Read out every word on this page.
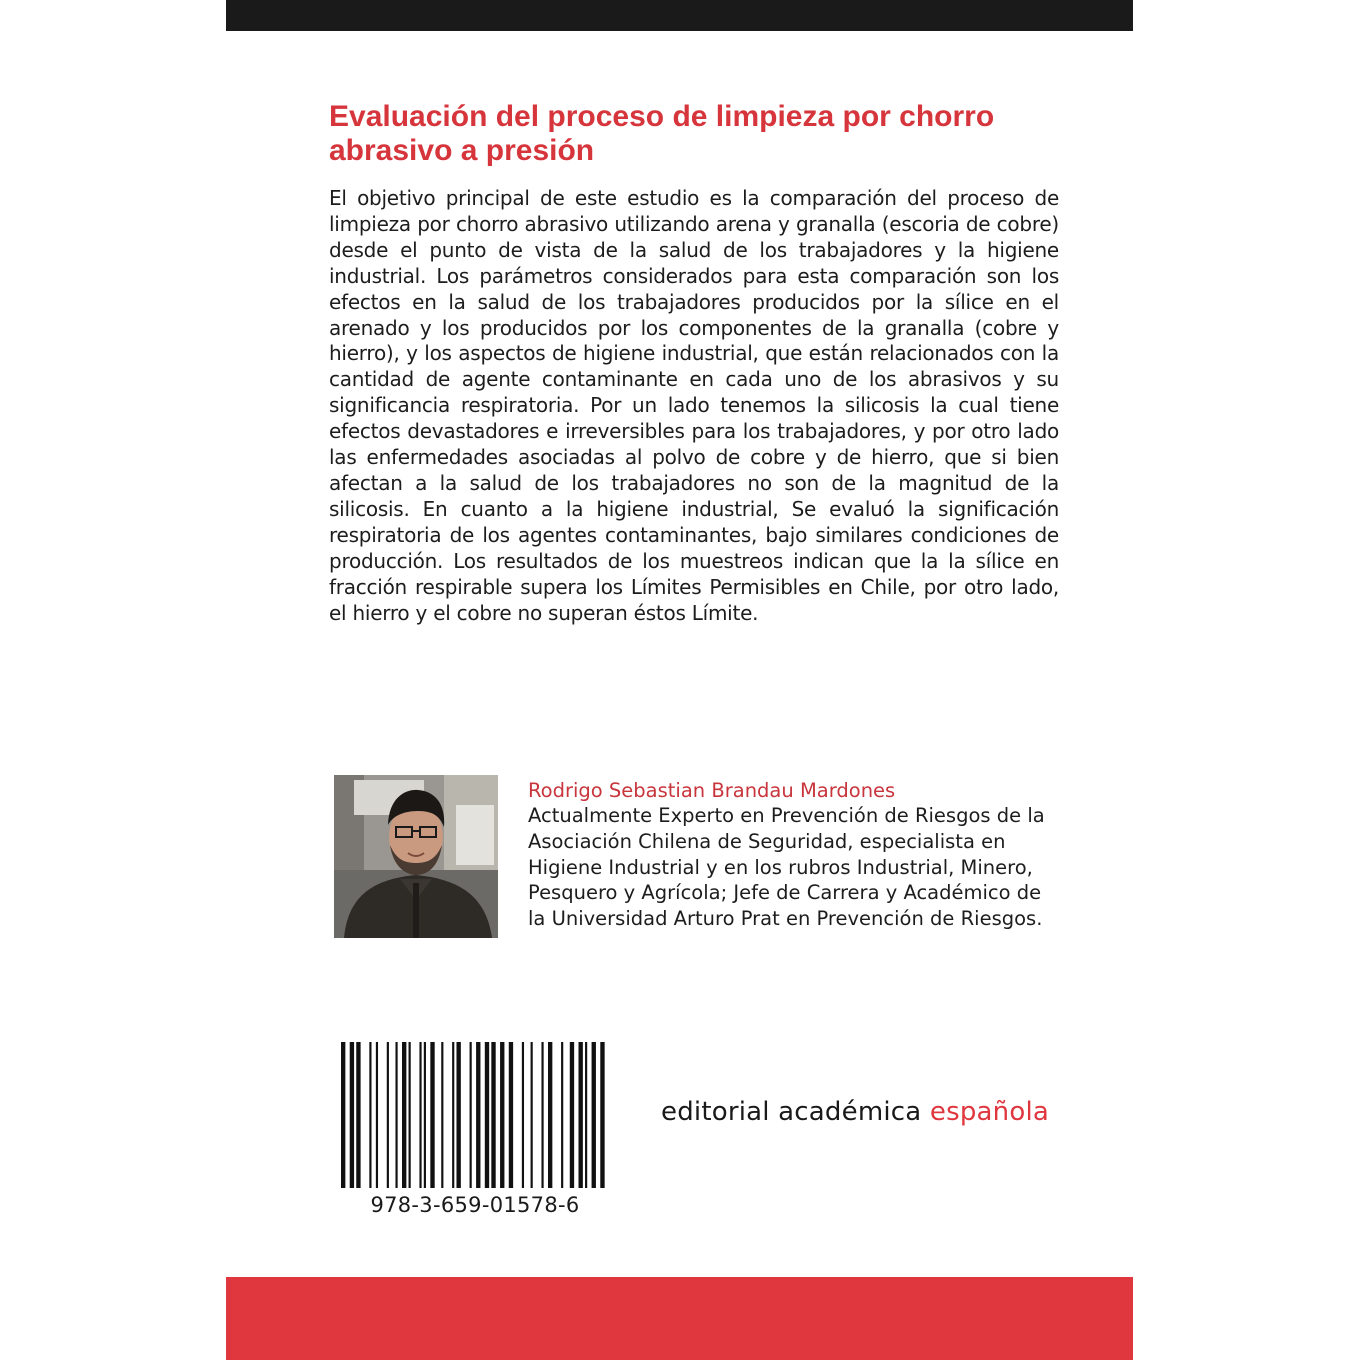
Evaluación del proceso de limpieza por chorro abrasivo a presión

El objetivo principal de este estudio es la comparación del proceso de limpieza por chorro abrasivo utilizando arena y granalla (escoria de cobre) desde el punto de vista de la salud de los trabajadores y la higiene industrial. Los parámetros considerados para esta comparación son los efectos en la salud de los trabajadores producidos por la sílice en el arenado y los producidos por los componentes de la granalla (cobre y hierro), y los aspectos de higiene industrial, que están relacionados con la cantidad de agente contaminante en cada uno de los abrasivos y su significancia respiratoria. Por un lado tenemos la silicosis la cual tiene efectos devastadores e irreversibles para los trabajadores, y por otro lado las enfermedades asociadas al polvo de cobre y de hierro, que si bien afectan a la salud de los trabajadores no son de la magnitud de la silicosis. En cuanto a la higiene industrial, Se evaluó la significación respiratoria de los agentes contaminantes, bajo similares condiciones de producción. Los resultados de los muestreos indican que la la sílice en fracción respirable supera los Límites Permisibles en Chile, por otro lado, el hierro y el cobre no superan éstos Límite.

Rodrigo Sebastian Brandau Mardones

Actualmente Experto en Prevención de Riesgos de la Asociación Chilena de Seguridad, especialista en Higiene Industrial y en los rubros Industrial, Minero, Pesquero y Agrícola; Jefe de Carrera y Académico de la Universidad Arturo Prat en Prevención de Riesgos.

978-3-659-01578-6

editorial académica española
